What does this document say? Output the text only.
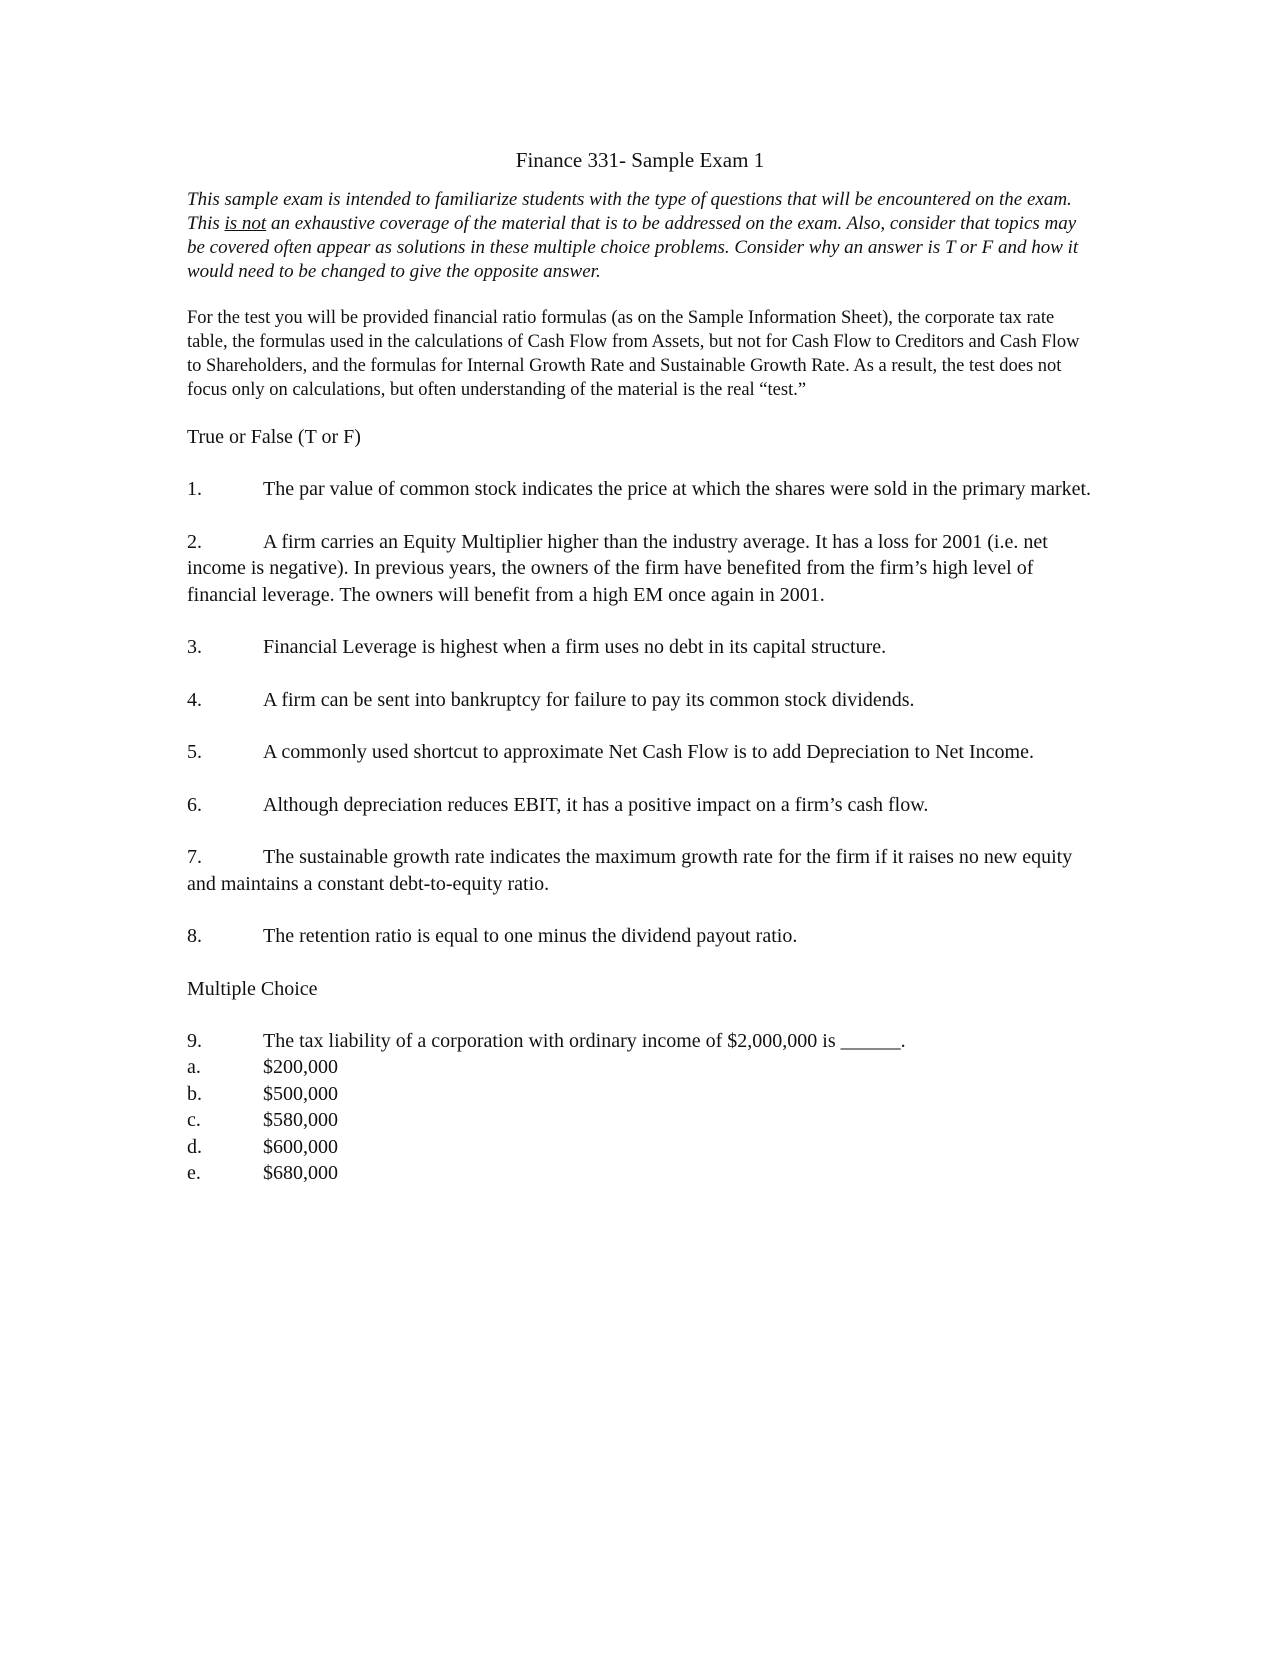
Finance 331- Sample Exam 1

This sample exam is intended to familiarize students with the type of questions that will be encountered on the exam. This is not an exhaustive coverage of the material that is to be addressed on the exam. Also, consider that topics may be covered often appear as solutions in these multiple choice problems. Consider why an answer is T or F and how it would need to be changed to give the opposite answer.

For the test you will be provided financial ratio formulas (as on the Sample Information Sheet), the corporate tax rate table, the formulas used in the calculations of Cash Flow from Assets, but not for Cash Flow to Creditors and Cash Flow to Shareholders, and the formulas for Internal Growth Rate and Sustainable Growth Rate. As a result, the test does not focus only on calculations, but often understanding of the material is the real “test.”

True or False (T or F)
1.	The par value of common stock indicates the price at which the shares were sold in the primary market.
2.	A firm carries an Equity Multiplier higher than the industry average. It has a loss for 2001 (i.e. net income is negative). In previous years, the owners of the firm have benefited from the firm’s high level of financial leverage. The owners will benefit from a high EM once again in 2001.
3.	Financial Leverage is highest when a firm uses no debt in its capital structure.
4.	A firm can be sent into bankruptcy for failure to pay its common stock dividends.
5.	A commonly used shortcut to approximate Net Cash Flow is to add Depreciation to Net Income.
6.	Although depreciation reduces EBIT, it has a positive impact on a firm’s cash flow.
7.	The sustainable growth rate indicates the maximum growth rate for the firm if it raises no new equity and maintains a constant debt-to-equity ratio.
8.	The retention ratio is equal to one minus the dividend payout ratio.
Multiple Choice
9.	The tax liability of a corporation with ordinary income of $2,000,000 is ______.
a.	$200,000
b.	$500,000
c.	$580,000
d.	$600,000
e.	$680,000
